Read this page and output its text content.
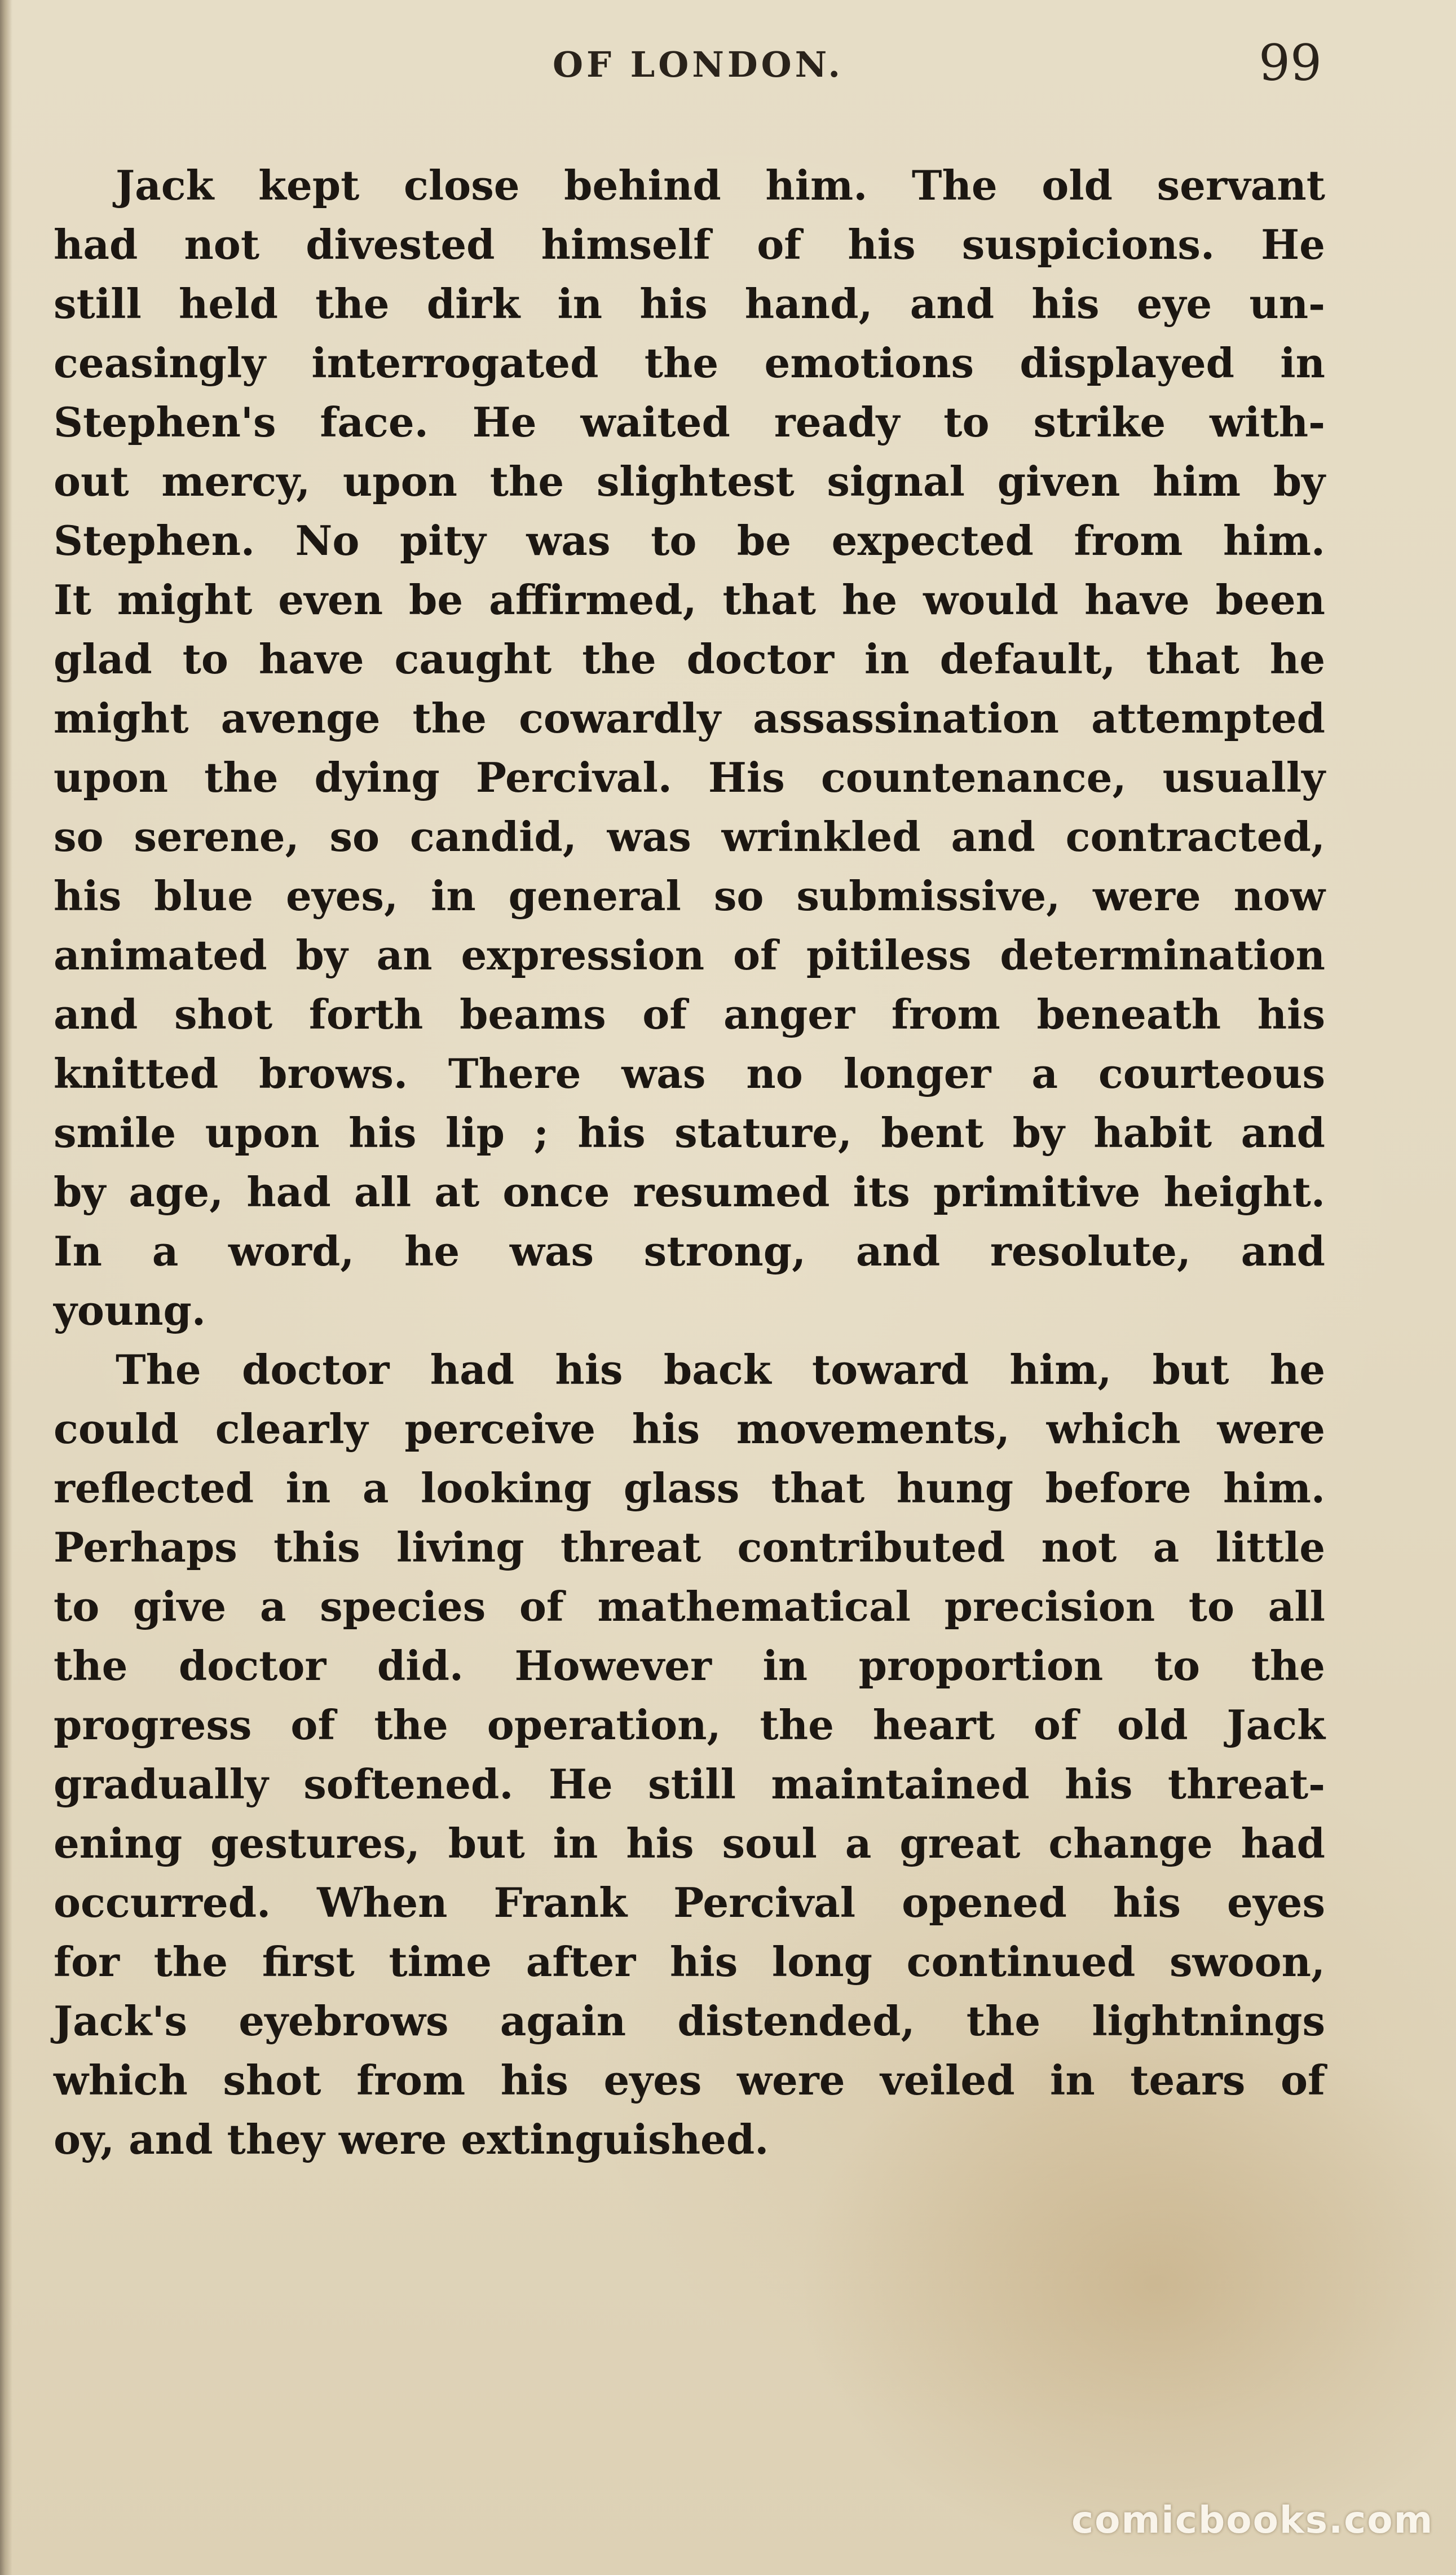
OF LONDON.	99
Jack kept close behind him. The old servant
had not divested himself of his suspicions. He
still held the dirk in his hand, and his eye un-
ceasingly interrogated the emotions displayed in
Stephen's face. He waited ready to strike with-
out mercy, upon the slightest signal given him by
Stephen. No pity was to be expected from him.
It might even be affirmed, that he would have been
glad to have caught the doctor in default, that he
might avenge the cowardly assassination attempted
upon the dying Percival. His countenance, usually
so serene, so candid, was wrinkled and contracted,
his blue eyes, in general so submissive, were now
animated by an expression of pitiless determination
and shot forth beams of anger from beneath his
knitted brows. There was no longer a courteous
smile upon his lip ; his stature, bent by habit and
by age, had all at once resumed its primitive height.
In a word, he was strong, and resolute, and
young.
The doctor had his back toward him, but he
could clearly perceive his movements, which were
reflected in a looking glass that hung before him.
Perhaps this living threat contributed not a little
to give a species of mathematical precision to all
the doctor did. However in proportion to the
progress of the operation, the heart of old Jack
gradually softened. He still maintained his threat-
ening gestures, but in his soul a great change had
occurred. When Frank Percival opened his eyes
for the first time after his long continued swoon,
Jack's eyebrows again distended, the lightnings
which shot from his eyes were veiled in tears of
oy, and they were extinguished.
comicbooks.com
